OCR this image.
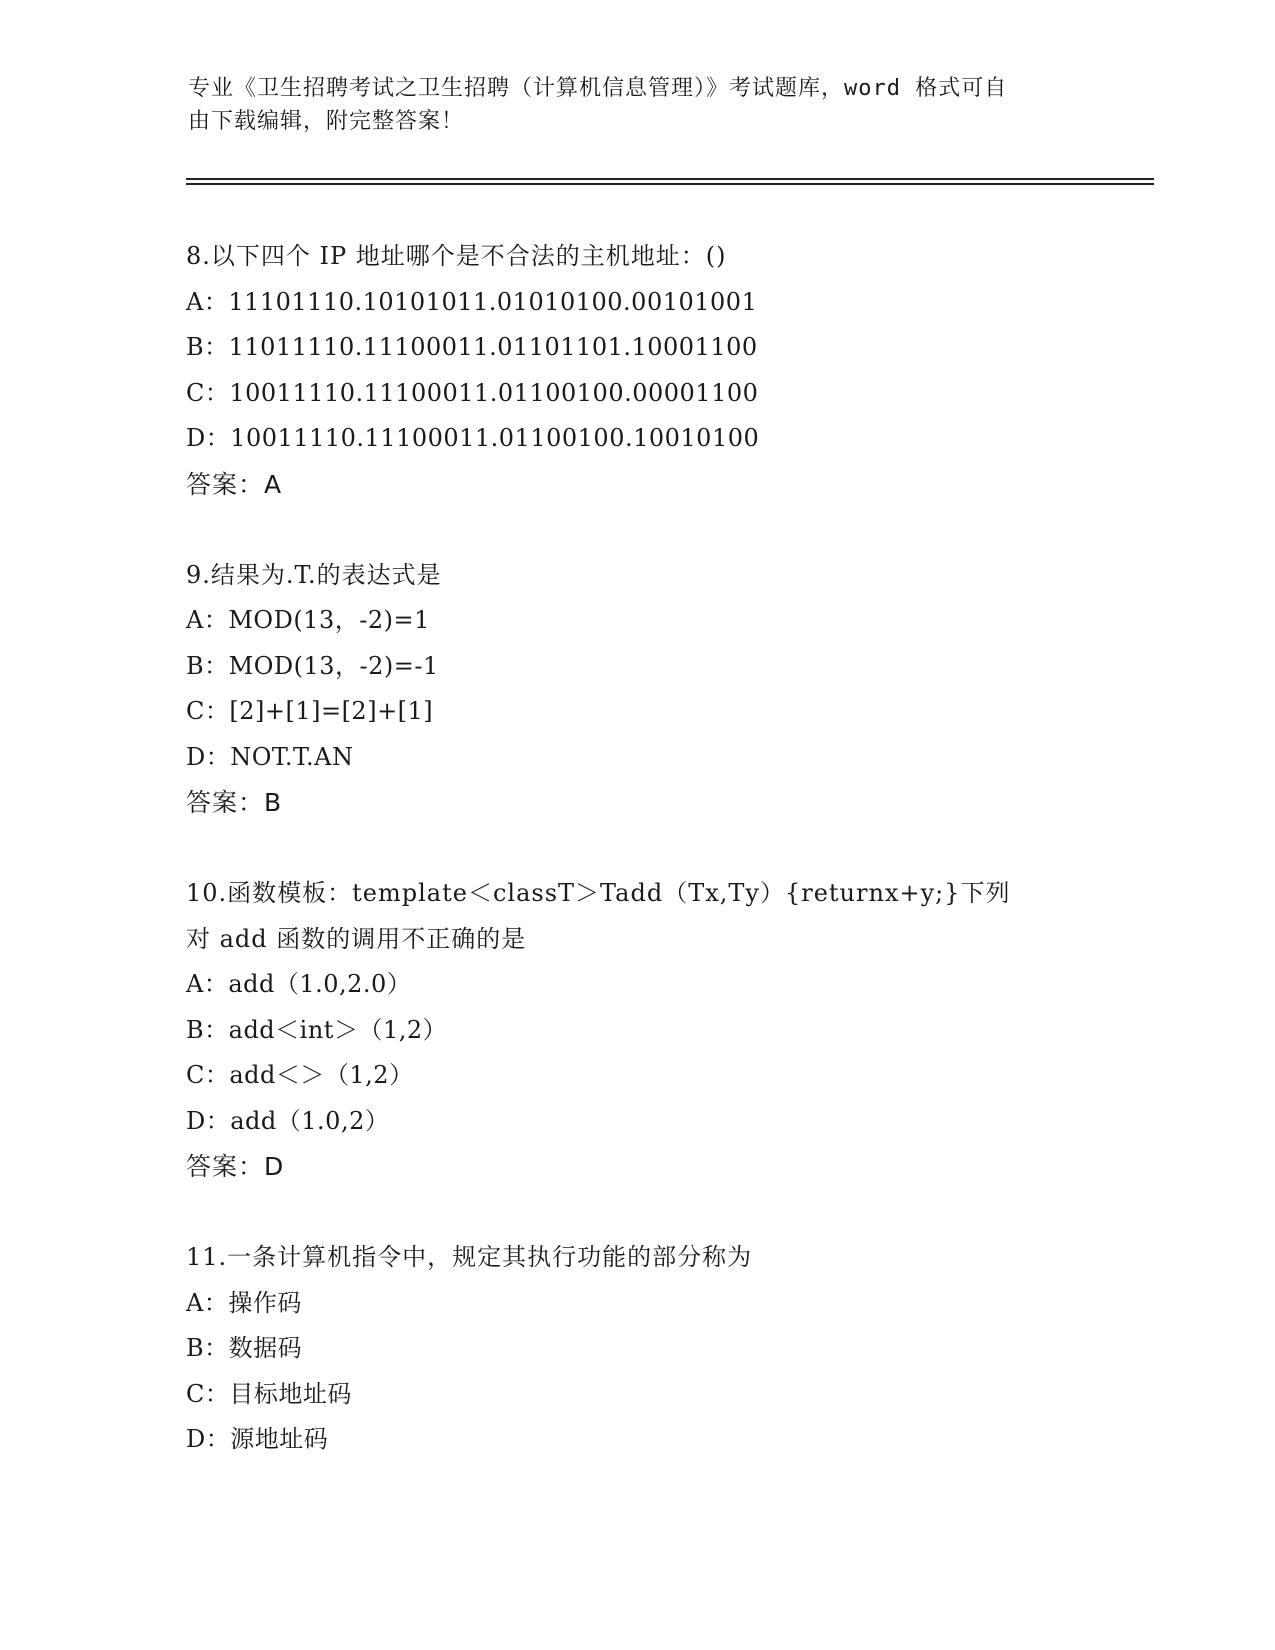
专业《卫生招聘考试之卫生招聘（计算机信息管理）》考试题库，word 格式可自
由下载编辑，附完整答案！
8.以下四个 IP 地址哪个是不合法的主机地址：()
A：11101110.10101011.01010100.00101001
B：11011110.11100011.01101101.10001100
C：10011110.11100011.01100100.00001100
D：10011110.11100011.01100100.10010100
答案：A
9.结果为.T.的表达式是
A：MOD(13，-2)=1
B：MOD(13，-2)=-1
C：[2]+[1]=[2]+[1]
D：NOT.T.AN
答案：B
10.函数模板：template＜classT＞Tadd（Tx,Ty）{returnx+y;}下列
对 add 函数的调用不正确的是
A：add（1.0,2.0）
B：add＜int＞（1,2）
C：add＜＞（1,2）
D：add（1.0,2）
答案：D
11.一条计算机指令中，规定其执行功能的部分称为
A：操作码
B：数据码
C：目标地址码
D：源地址码
